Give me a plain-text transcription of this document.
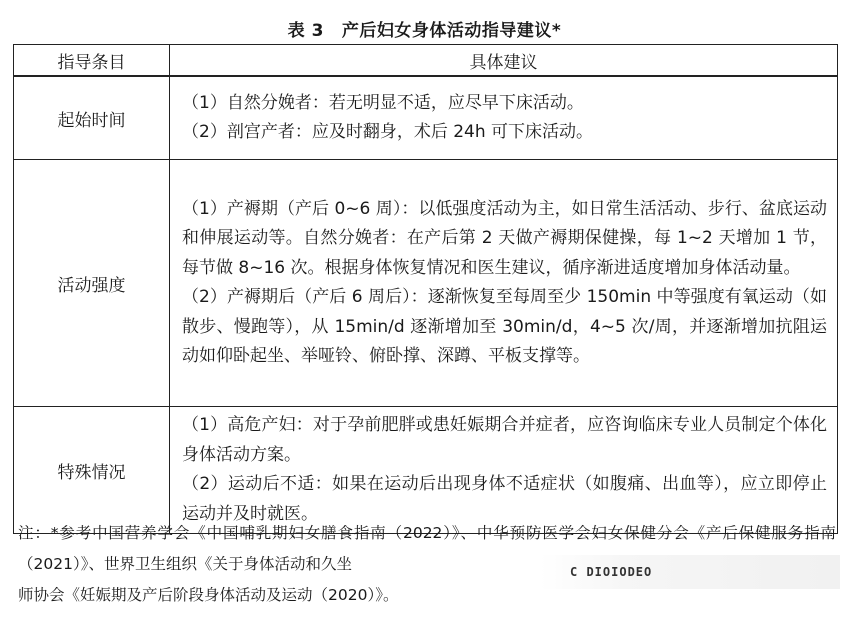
表 3 产后妇女身体活动指导建议*
指导条目	具体建议
起始时间	（1）自然分娩者：若无明显不适，应尽早下床活动。

（2）剖宫产者：应及时翻身，术后 24h 可下床活动。

活动强度	（1）产褥期（产后 0~6 周）：以低强度活动为主，如日常生活活动、步行、盆底运动和伸展运动等。自然分娩者：在产后第 2 天做产褥期保健操，每 1~2 天增加 1 节，每节做 8~16 次。根据身体恢复情况和医生建议，循序渐进适度增加身体活动量。

（2）产褥期后（产后 6 周后）：逐渐恢复至每周至少 150min 中等强度有氧运动（如散步、慢跑等），从 15min/d 逐渐增加至 30min/d，4~5 次/周，并逐渐增加抗阻运动如仰卧起坐、举哑铃、俯卧撑、深蹲、平板支撑等。

特殊情况	（1）高危产妇：对于孕前肥胖或患妊娠期合并症者，应咨询临床专业人员制定个体化身体活动方案。

（2）运动后不适：如果在运动后出现身体不适症状（如腹痛、出血等），应立即停止运动并及时就医。

注：*参考中国营养学会《中国哺乳期妇女膳食指南（2022）》、中华预防医学会妇女保健分会《产后保健服务指南（2021）》、世界卫生组织《关于身体活动和久坐
师协会《妊娠期及产后阶段身体活动及运动（2020）》。
C DIOIODEO
